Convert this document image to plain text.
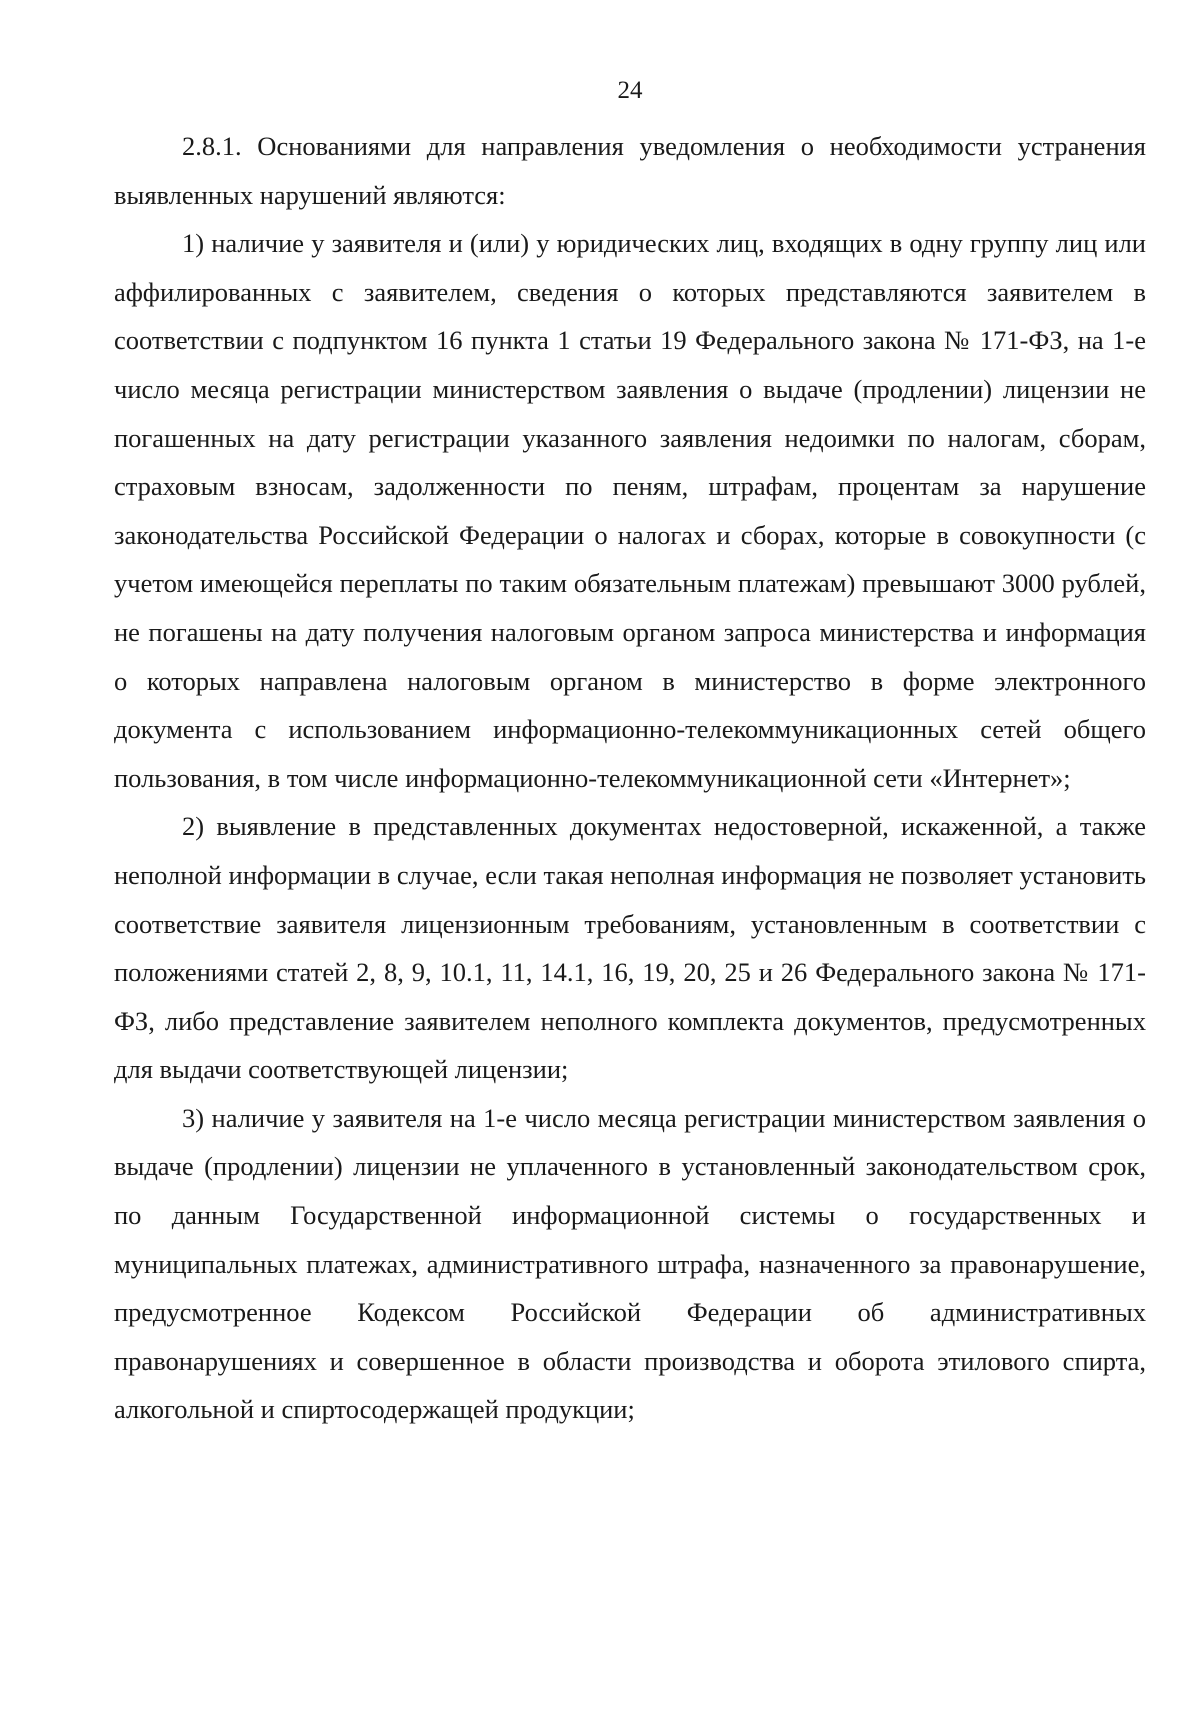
24

2.8.1. Основаниями для направления уведомления о необходимости устранения выявленных нарушений являются:

1) наличие у заявителя и (или) у юридических лиц, входящих в одну группу лиц или аффилированных с заявителем, сведения о которых представляются заявителем в соответствии с подпунктом 16 пункта 1 статьи 19 Федерального закона № 171-ФЗ, на 1-е число месяца регистрации министерством заявления о выдаче (продлении) лицензии не погашенных на дату регистрации указанного заявления недоимки по налогам, сборам, страховым взносам, задолженности по пеням, штрафам, процентам за нарушение законодательства Российской Федерации о налогах и сборах, которые в совокупности (с учетом имеющейся переплаты по таким обязательным платежам) превышают 3000 рублей, не погашены на дату получения налоговым органом запроса министерства и информация о которых направлена налоговым органом в министерство в форме электронного документа с использованием информационно-телекоммуникационных сетей общего пользования, в том числе информационно-телекоммуникационной сети «Интернет»;

2) выявление в представленных документах недостоверной, искаженной, а также неполной информации в случае, если такая неполная информация не позволяет установить соответствие заявителя лицензионным требованиям, установленным в соответствии с положениями статей 2, 8, 9, 10.1, 11, 14.1, 16, 19, 20, 25 и 26 Федерального закона № 171-ФЗ, либо представление заявителем неполного комплекта документов, предусмотренных для выдачи соответствующей лицензии;

3) наличие у заявителя на 1-е число месяца регистрации министерством заявления о выдаче (продлении) лицензии не уплаченного в установленный законодательством срок, по данным Государственной информационной системы о государственных и муниципальных платежах, административного штрафа, назначенного за правонарушение, предусмотренное Кодексом Российской Федерации об административных правонарушениях и совершенное в области производства и оборота этилового спирта, алкогольной и спиртосодержащей продукции;
